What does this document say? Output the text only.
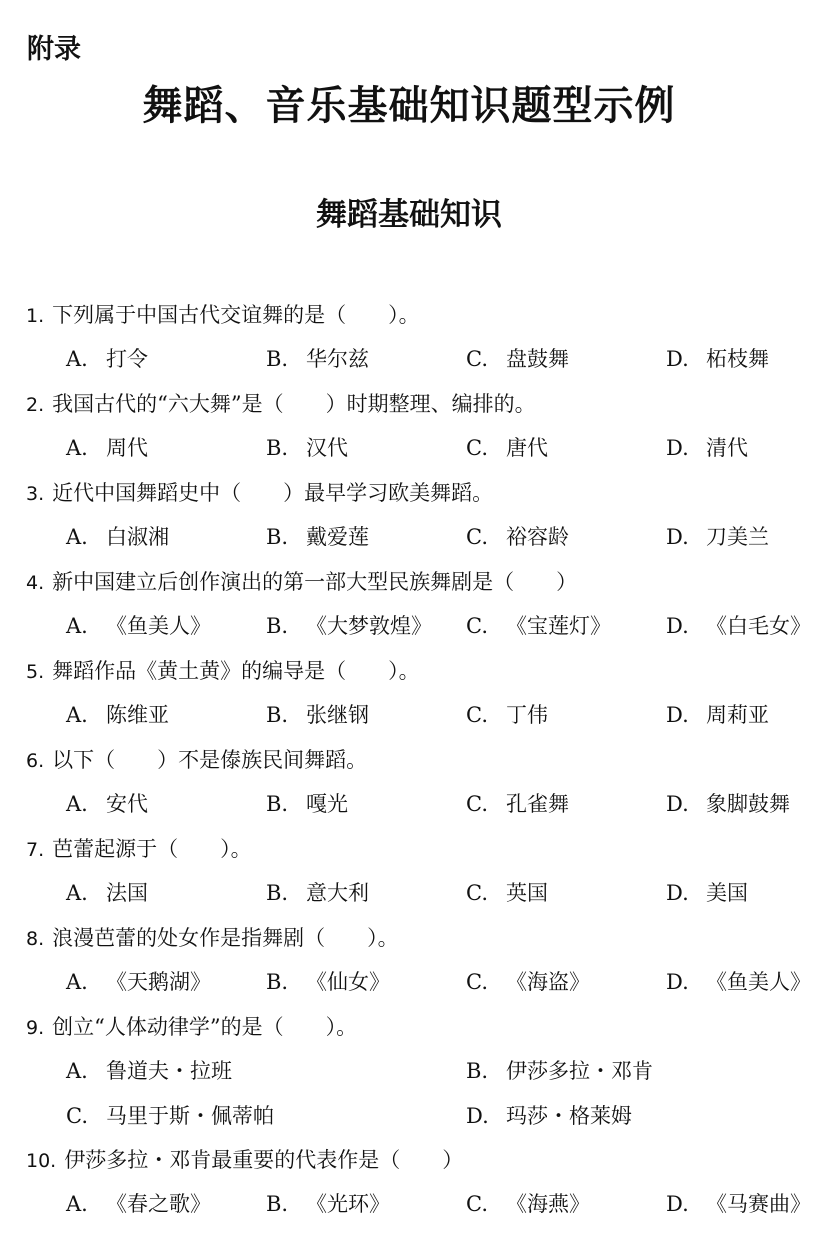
附录
舞蹈、音乐基础知识题型示例
舞蹈基础知识
1. 下列属于中国古代交谊舞的是（　　）。
A. 打令	B. 华尔兹	C. 盘鼓舞	D. 柘枝舞
2. 我国古代的“六大舞”是（　　）时期整理、编排的。
A. 周代	B. 汉代	C. 唐代	D. 清代
3. 近代中国舞蹈史中（　　）最早学习欧美舞蹈。
A. 白淑湘	B. 戴爱莲	C. 裕容龄	D. 刀美兰
4. 新中国建立后创作演出的第一部大型民族舞剧是（　　）
A. 《鱼美人》	B. 《大梦敦煌》 C. 《宝莲灯》	D. 《白毛女》
5. 舞蹈作品《黄土黄》的编导是（　　）。
A. 陈维亚	B. 张继钢	C. 丁伟	D. 周莉亚
6. 以下（　　）不是傣族民间舞蹈。
A. 安代	B. 嘎光	C. 孔雀舞	D. 象脚鼓舞
7. 芭蕾起源于（　　）。
A. 法国	B. 意大利	C. 英国	D. 美国
8. 浪漫芭蕾的处女作是指舞剧（　　）。
A. 《天鹅湖》	B. 《仙女》	C. 《海盗》	D. 《鱼美人》
9. 创立“人体动律学”的是（　　）。
A. 鲁道夫・拉班	B. 伊莎多拉・邓肯
C. 马里于斯・佩蒂帕	D. 玛莎・格莱姆
10. 伊莎多拉・邓肯最重要的代表作是（　　）
A. 《春之歌》	B. 《光环》	C. 《海燕》	D. 《马赛曲》
